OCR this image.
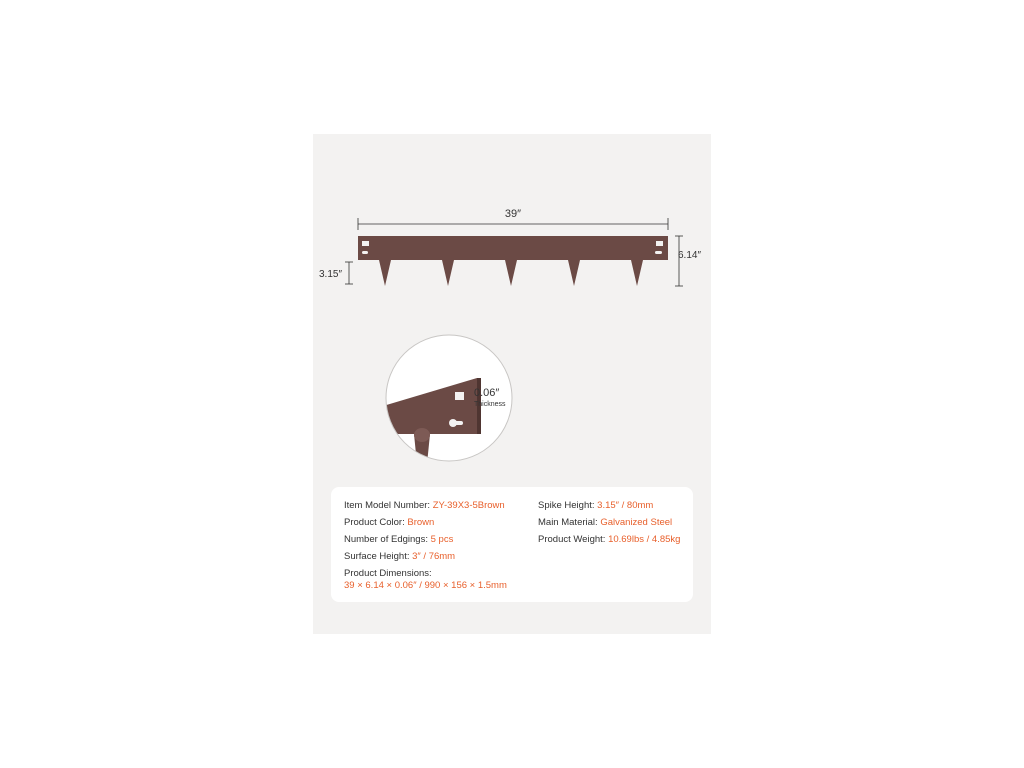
39″
6.14″
3.15″
0.06″
Thickness
Item Model Number: ZY-39X3-5Brown
Product Color: Brown
Number of Edgings: 5 pcs
Surface Height: 3″ / 76mm
Product Dimensions:
39 × 6.14 × 0.06″ / 990 × 156 × 1.5mm
Spike Height: 3.15″ / 80mm
Main Material: Galvanized Steel
Product Weight: 10.69lbs / 4.85kg
